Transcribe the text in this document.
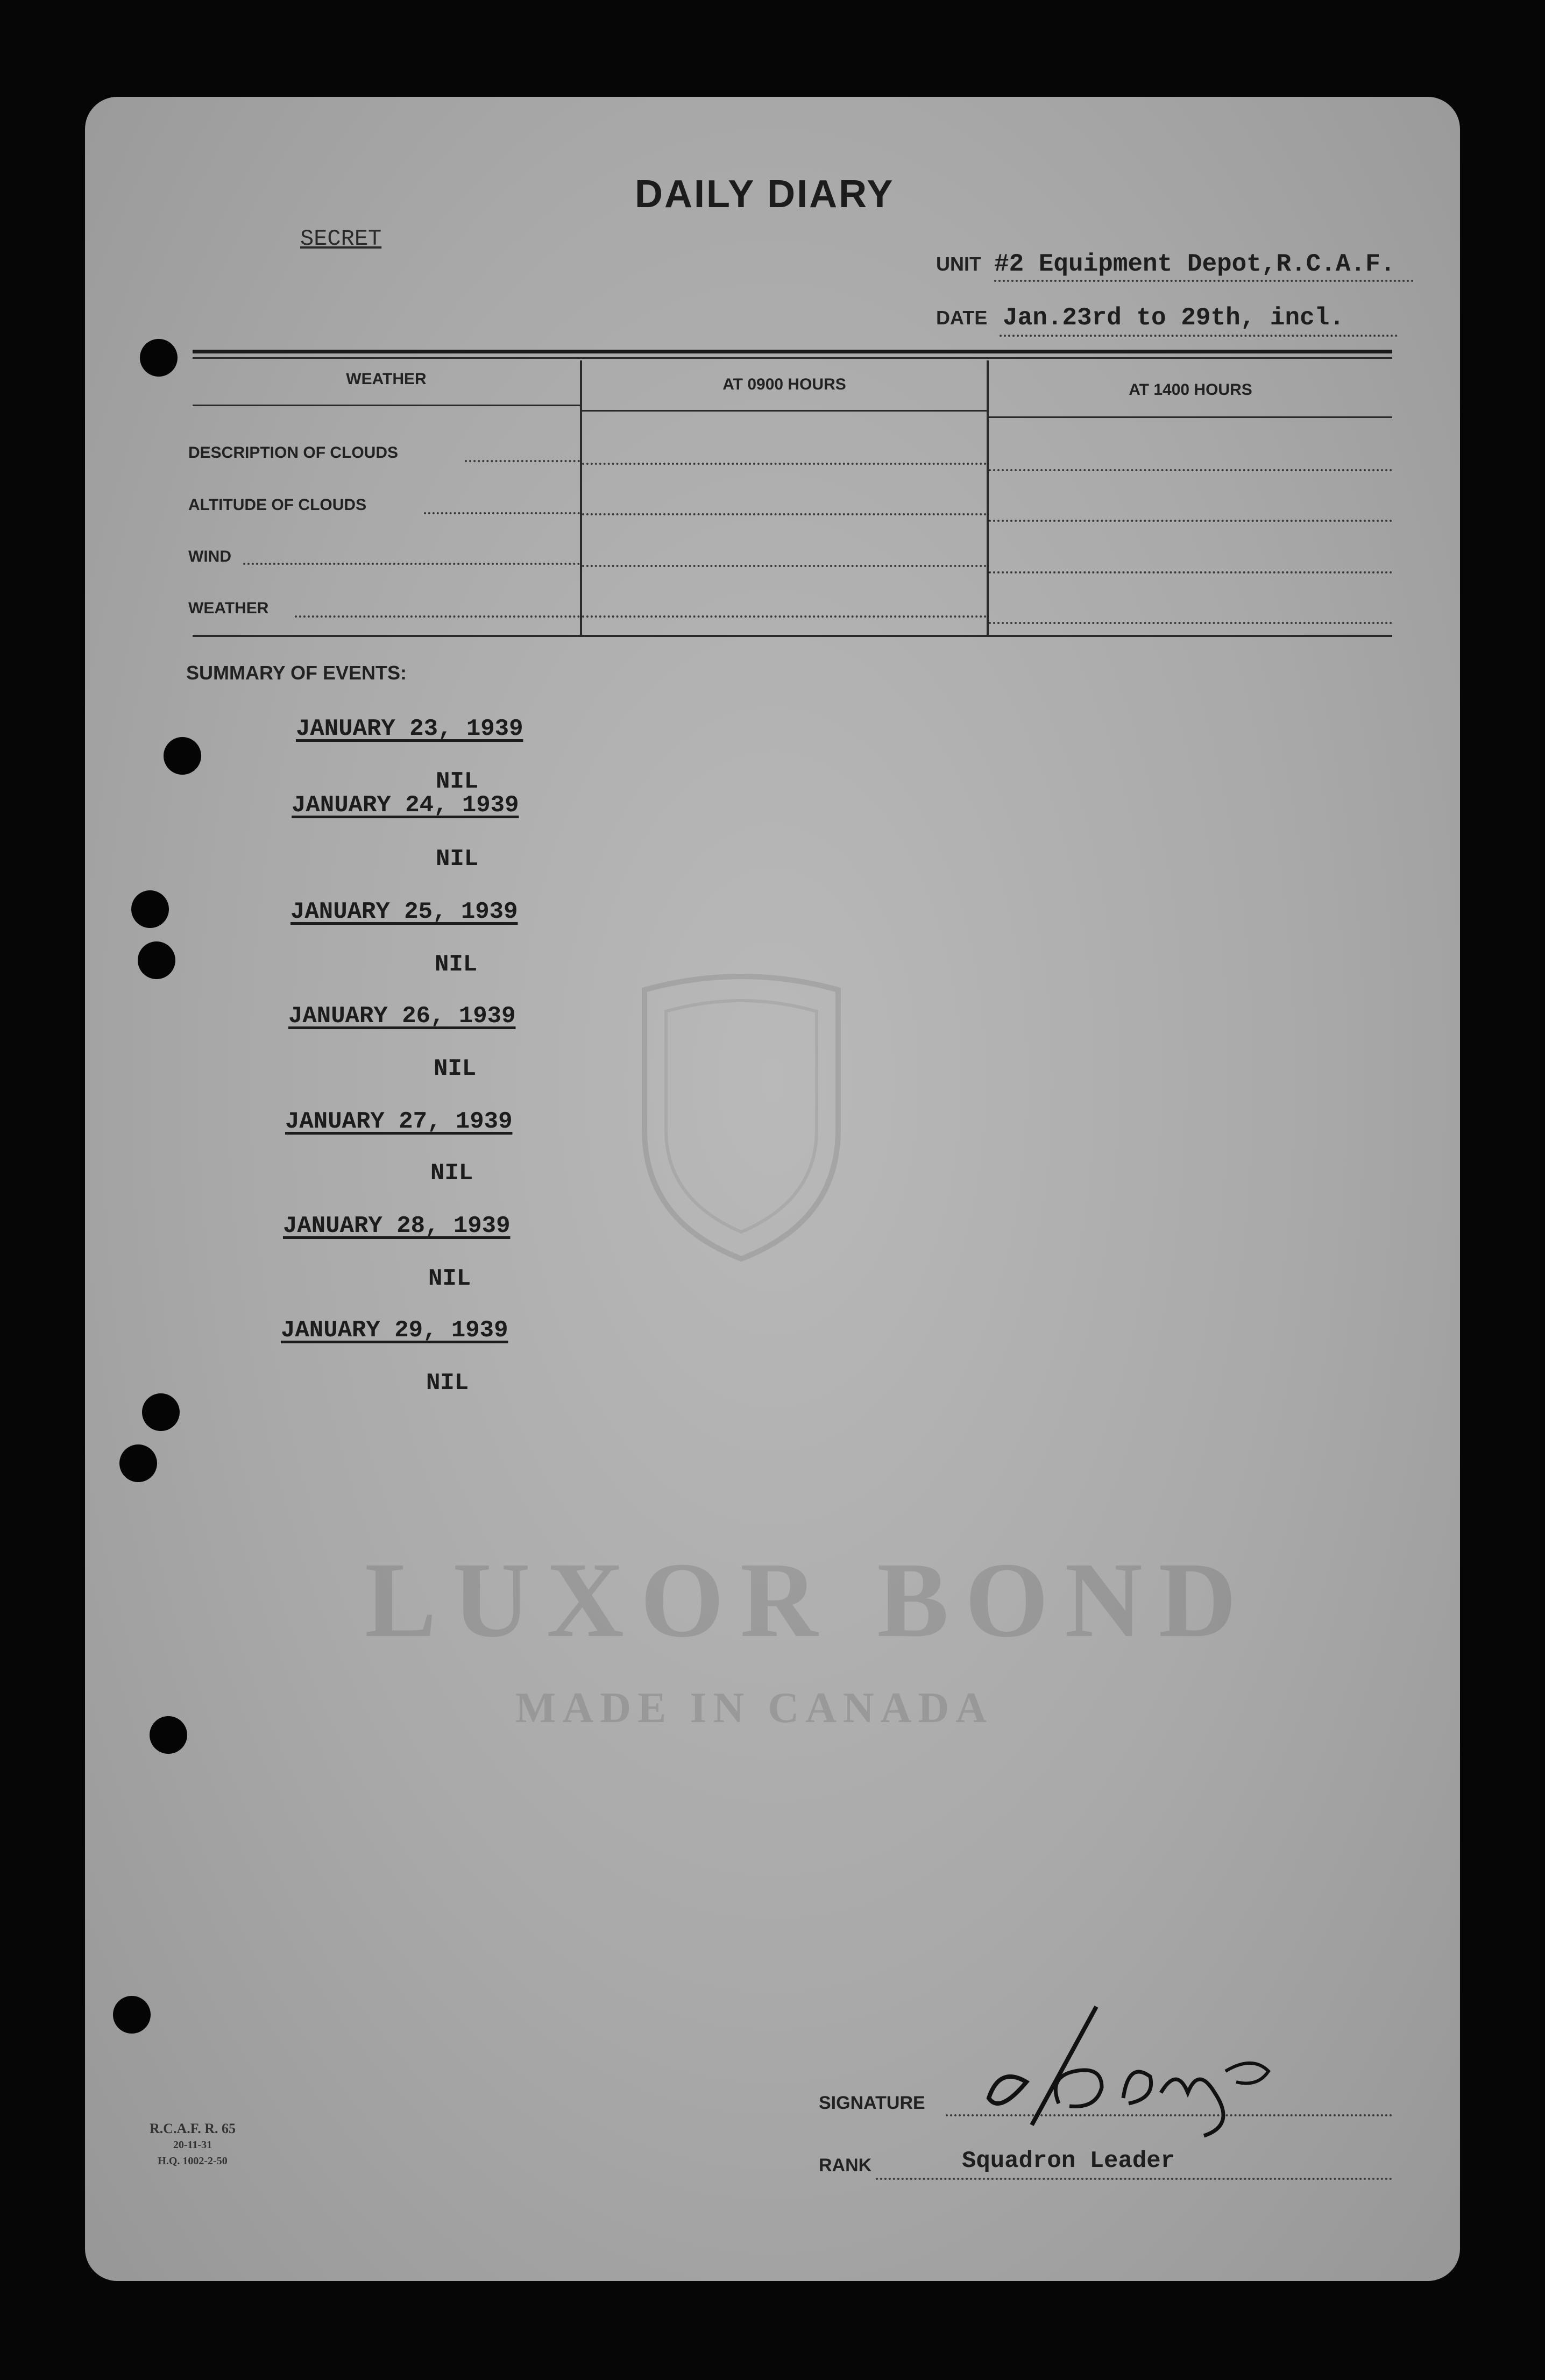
DAILY DIARY
SECRET
UNIT #2 Equipment Depot,R.C.A.F.
DATE Jan.23rd to 29th, incl.
WEATHER	AT 0900 HOURS	AT 1400 HOURS
DESCRIPTION OF CLOUDS
ALTITUDE OF CLOUDS
WIND
WEATHER
SUMMARY OF EVENTS:
JANUARY 23, 1939
NIL
JANUARY 24, 1939
NIL
JANUARY 25, 1939
NIL
JANUARY 26, 1939
NIL
JANUARY 27, 1939
NIL
JANUARY 28, 1939
NIL
JANUARY 29, 1939
NIL
LUXOR BOND
MADE IN CANADA
R.C.A.F. R. 65
20-11-31
H.Q. 1002-2-50
SIGNATURE
RANK	Squadron Leader
